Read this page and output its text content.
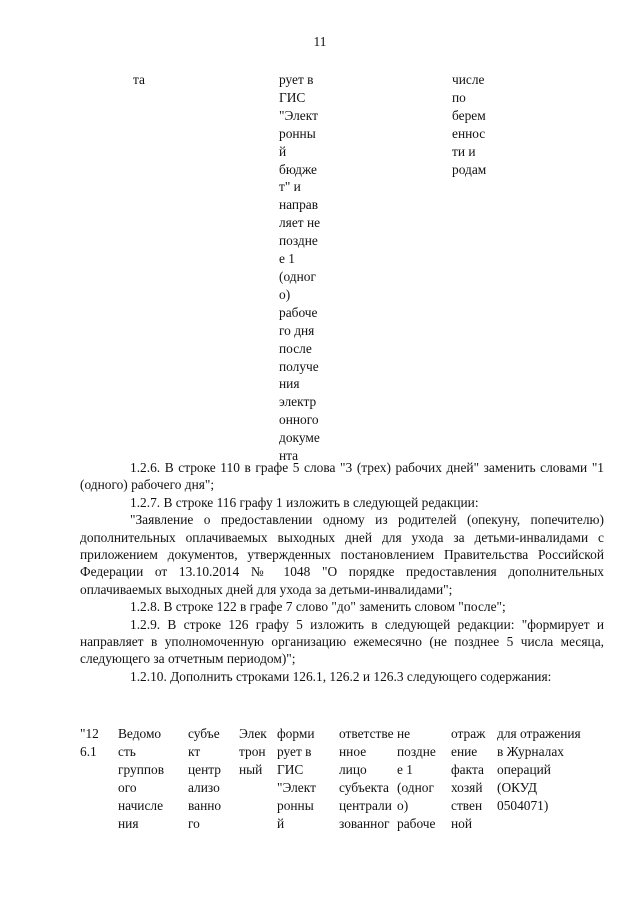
11
та	рует в
ГИС
"Элект
ронны
й
бюдже
т" и
направ
ляет не
поздне
е 1
(одног
о)
рабоче
го дня
после
получе
ния
электр
онного
докуме
нта
числе
по
берем
еннос
ти и
родам

1.2.6. В строке 110 в графе 5 слова "3 (трех) рабочих дней" заменить словами "1 (одного) рабочего дня";

1.2.7. В строке 116 графу 1 изложить в следующей редакции:

"Заявление о предоставлении одному из родителей (опекуну, попечителю) дополнительных оплачиваемых выходных дней для ухода за детьми-инвалидами с приложением документов, утвержденных постановлением Правительства Российской Федерации от 13.10.2014 № 1048 "О порядке предоставления дополнительных оплачиваемых выходных дней для ухода за детьми-инвалидами";

1.2.8. В строке 122 в графе 7 слово "до" заменить словом "после";

1.2.9. В строке 126 графу 5 изложить в следующей редакции: "формирует и направляет в уполномоченную организацию ежемесячно (не позднее 5 числа месяца, следующего за отчетным периодом)";

1.2.10. Дополнить строками 126.1, 126.2 и 126.3 следующего содержания:

"12
6.1
Ведомо
сть
группов
ого
начисле
ния
субъе
кт
центр
ализо
ванно
го
Элек
трон
ный
форми
рует в
ГИС
"Элект
ронны
й
ответстве
нное
лицо
субъекта
централи
зованног
не
поздне
е 1
(одног
о)
рабоче
отраж
ение
факта
хозяй
ствен
ной
для отражения
в Журналах
операций
(ОКУД
0504071)
